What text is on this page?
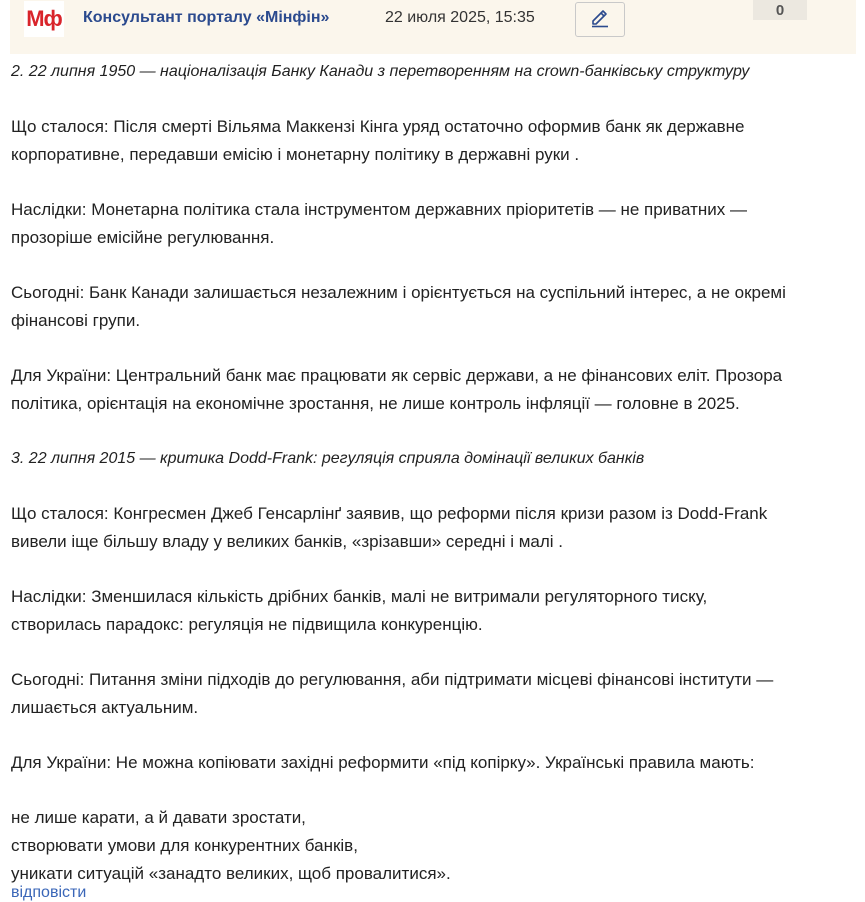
Мф Консультант порталу «Мінфін»	22 июля 2025, 15:35	0

2. 22 липня 1950 — націоналізація Банку Канади з перетворенням на crown-банківську структуру

Що сталося: Після смерті Вільяма Маккензі Кінга уряд остаточно оформив банк як державне

корпоративне, передавши емісію і монетарну політику в державні руки .

Наслідки: Монетарна політика стала інструментом державних пріоритетів — не приватних —

прозоріше емісійне регулювання.

Сьогодні: Банк Канади залишається незалежним і орієнтується на суспільний інтерес, а не окремі

фінансові групи.

Для України: Центральний банк має працювати як сервіс держави, а не фінансових еліт. Прозора

політика, орієнтація на економічне зростання, не лише контроль інфляції — головне в 2025.

3. 22 липня 2015 — критика Dodd-Frank: регуляція сприяла домінації великих банків

Що сталося: Конгресмен Джеб Генсарлінґ заявив, що реформи після кризи разом із Dodd-Frank

вивели іще більшу владу у великих банків, «зрізавши» середні і малі .

Наслідки: Зменшилася кількість дрібних банків, малі не витримали регуляторного тиску,

створилась парадокс: регуляція не підвищила конкуренцію.

Сьогодні: Питання зміни підходів до регулювання, аби підтримати місцеві фінансові інститути —

лишається актуальним.

Для України: Не можна копіювати західні реформити «під копірку». Українські правила мають:

не лише карати, а й давати зростати,

створювати умови для конкурентних банків,

уникати ситуацій «занадто великих, щоб провалитися».

відповісти
